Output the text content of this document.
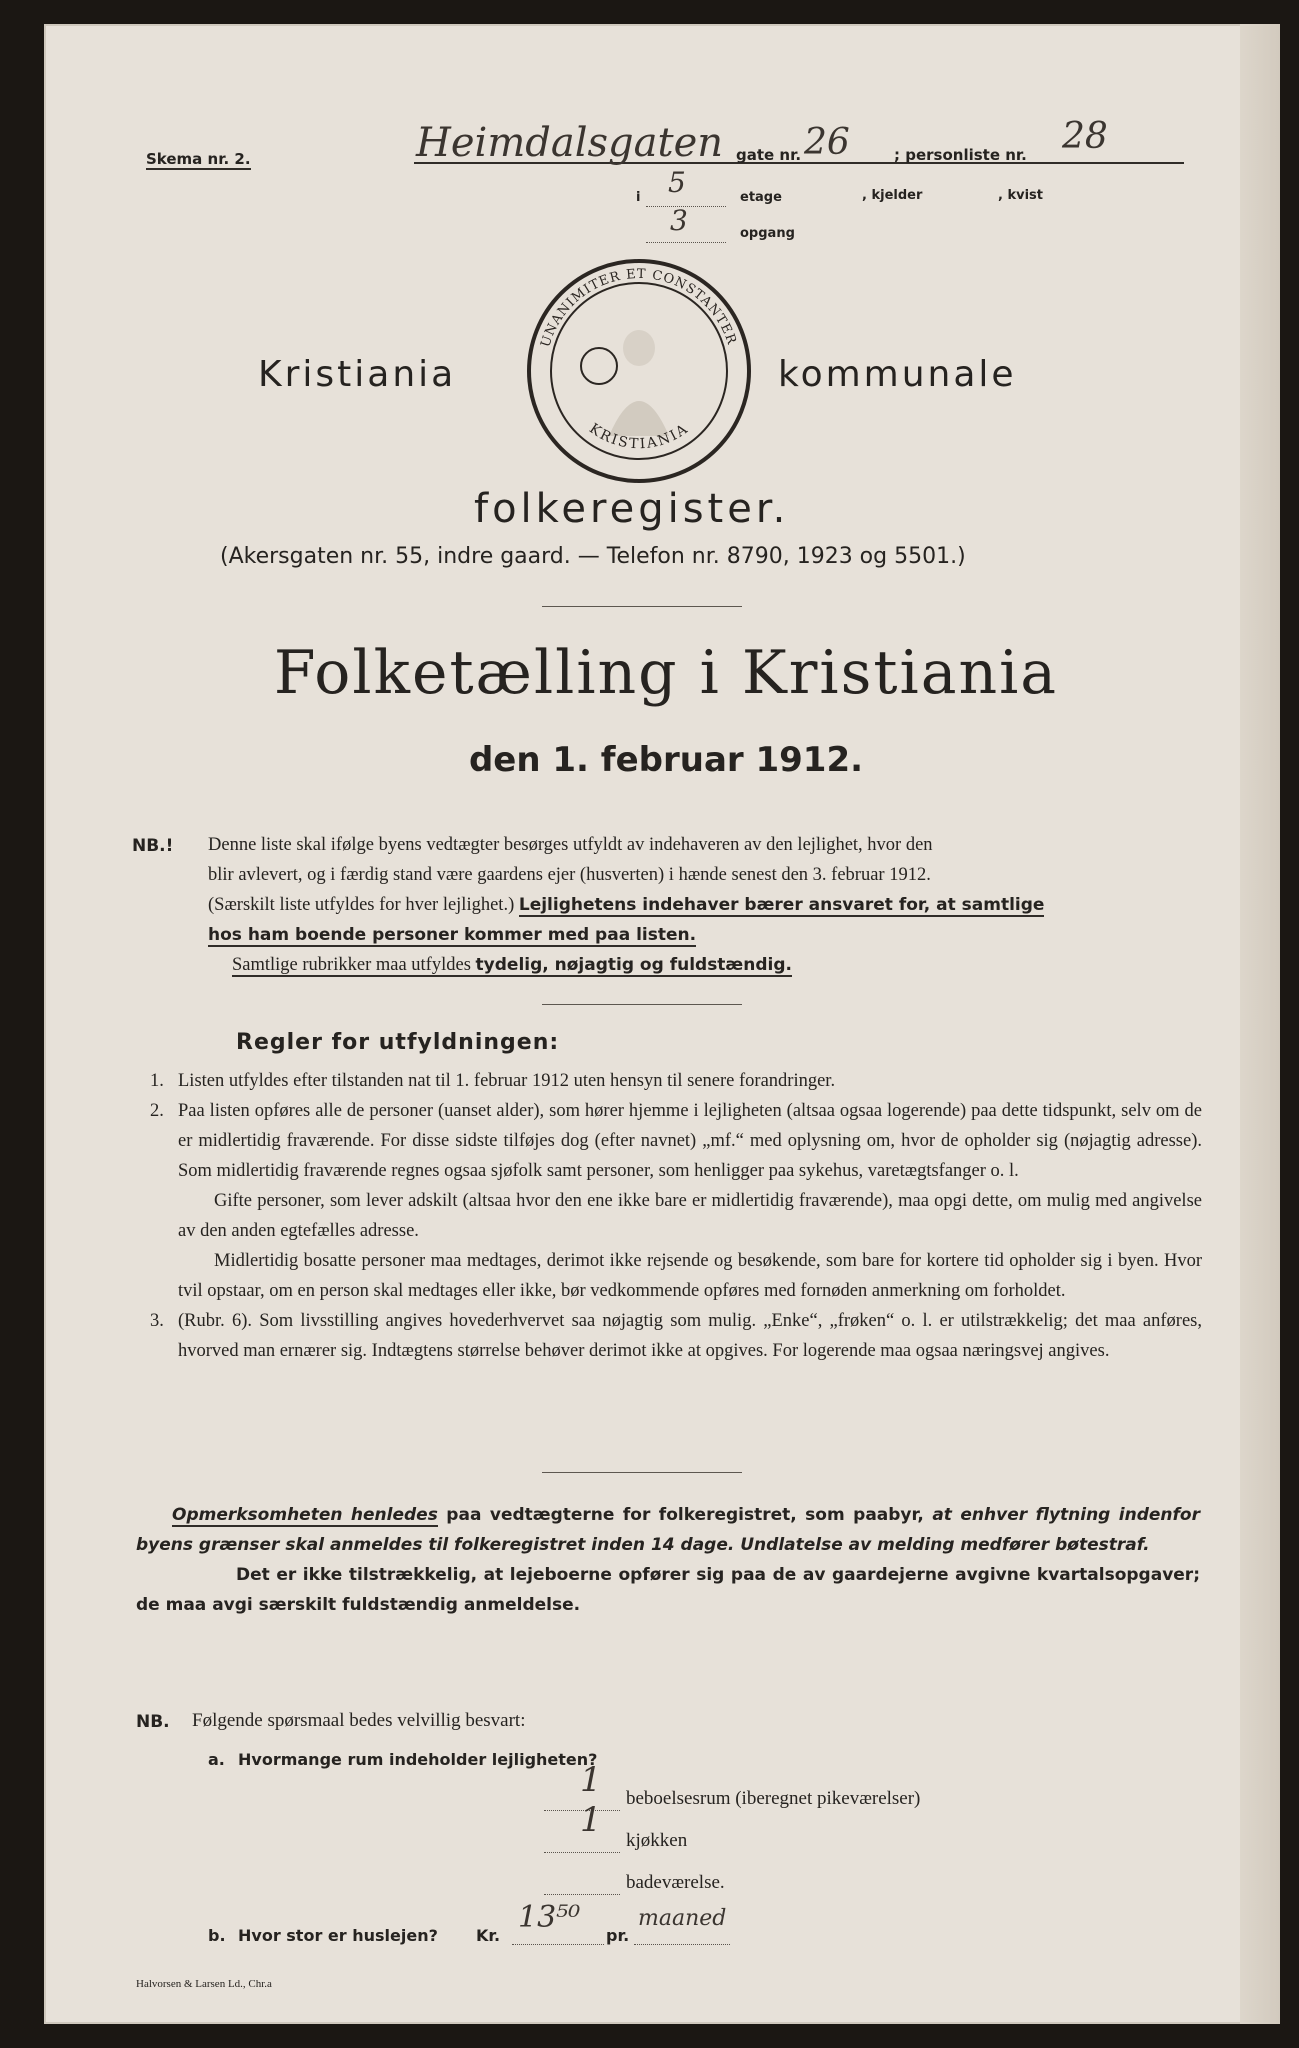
Skema nr. 2.	Heimdalsgaten gate nr. 26	; personliste nr. 28
i 5	etage	, kjelder	, kvist
3	opgang
Kristiania
UNANIMITER ET CONSTANTER
KRISTIANIA
kommunale
folkeregister.
(Akersgaten nr. 55, indre gaard. — Telefon nr. 8790, 1923 og 5501.)
Folketælling i Kristiania
den 1. februar 1912.
NB.! Denne liste skal ifølge byens vedtægter besørges utfyldt av indehaveren av den lejlighet, hvor den

blir avlevert, og i færdig stand være gaardens ejer (husverten) i hænde senest den 3. februar 1912.

(Særskilt liste utfyldes for hver lejlighet.) Lejlighetens indehaver bærer ansvaret for, at samtlige

hos ham boende personer kommer med paa listen.

Samtlige rubrikker maa utfyldes tydelig, nøjagtig og fuldstændig.

Regler for utfyldningen:

1. Listen utfyldes efter tilstanden nat til 1. februar 1912 uten hensyn til senere forandringer.

2. Paa listen opføres alle de personer (uanset alder), som hører hjemme i lejligheten (altsaa ogsaa logerende) paa dette tidspunkt, selv om de er midlertidig fraværende. For disse sidste tilføjes dog (efter navnet) „mf.“ med oplysning om, hvor de opholder sig (nøjagtig adresse). Som midlertidig fraværende regnes ogsaa sjøfolk samt personer, som henligger paa sykehus, varetægtsfanger o. l.

Gifte personer, som lever adskilt (altsaa hvor den ene ikke bare er midlertidig fraværende), maa opgi dette, om mulig med angivelse av den anden egtefælles adresse.

Midlertidig bosatte personer maa medtages, derimot ikke rejsende og besøkende, som bare for kortere tid opholder sig i byen. Hvor tvil opstaar, om en person skal medtages eller ikke, bør vedkommende opføres med fornøden anmerkning om forholdet.

3. (Rubr. 6). Som livsstilling angives hovederhvervet saa nøjagtig som mulig. „Enke“, „frøken“ o. l. er utilstrækkelig; det maa anføres, hvorved man ernærer sig. Indtægtens størrelse behøver derimot ikke at opgives. For logerende maa ogsaa næringsvej angives.

Opmerksomheten henledes paa vedtægterne for folkeregistret, som paabyr, at enhver flytning indenfor byens grænser skal anmeldes til folkeregistret inden 14 dage. Undlatelse av melding medfører bøtestraf.

Det er ikke tilstrækkelig, at lejeboerne opfører sig paa de av gaardejerne avgivne kvartalsopgaver; de maa avgi særskilt fuldstændig anmeldelse.

NB. Følgende spørsmaal bedes velvillig besvart:
a. Hvormange rum indeholder lejligheten?
1 beboelsesrum (iberegnet pikeværelser)
1
kjøkken
badeværelse.
b. Hvor stor er huslejen? Kr.
13⁵⁰
pr.
maaned
Halvorsen & Larsen Ld., Chr.a
